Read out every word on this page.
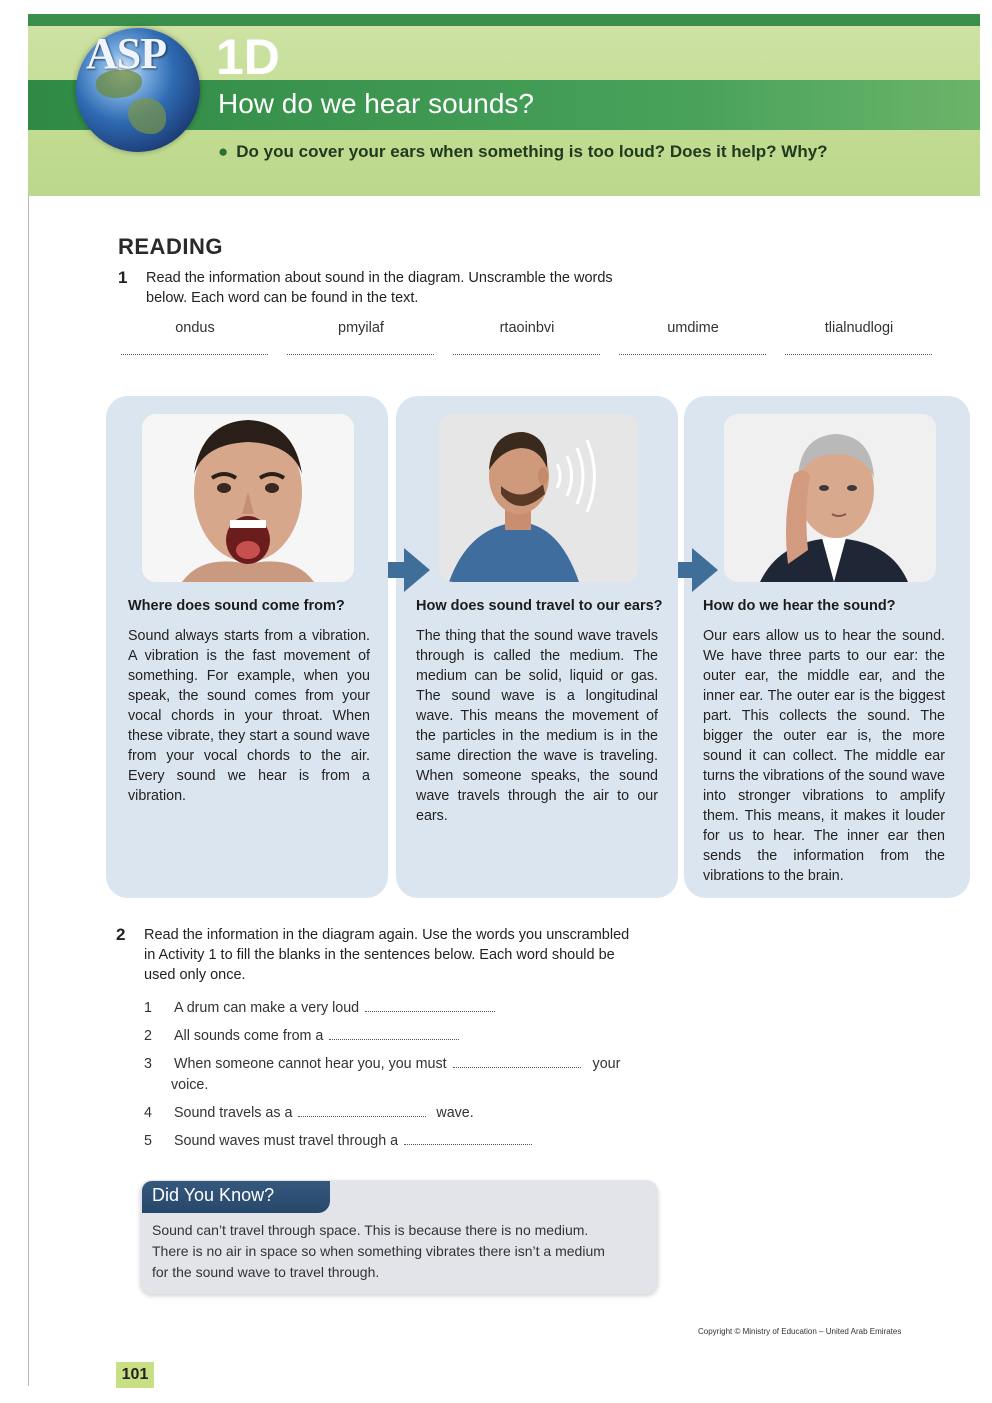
ASP 1D
How do we hear sounds?
● Do you cover your ears when something is too loud? Does it help? Why?
READING
1 Read the information about sound in the diagram. Unscramble the words
below. Each word can be found in the text.
ondus	pmyilaf	rtaoinbvi	umdime	tlialnudlogi
Where does sound come from?
Sound always starts from a vibration. A vibration is the fast movement of something. For example, when you speak, the sound comes from your vocal chords in your throat. When these vibrate, they start a sound wave from your vocal chords to the air. Every sound we hear is from a vibration.
How does sound travel to our ears?
The thing that the sound wave travels through is called the medium. The medium can be solid, liquid or gas. The sound wave is a longitudinal wave. This means the movement of the particles in the medium is in the same direction the wave is traveling. When someone speaks, the sound wave travels through the air to our ears.
How do we hear the sound?
Our ears allow us to hear the sound. We have three parts to our ear: the outer ear, the middle ear, and the inner ear. The outer ear is the biggest part. This collects the sound. The bigger the outer ear is, the more sound it can collect. The middle ear turns the vibrations of the sound wave into stronger vibrations to amplify them. This means, it makes it louder for us to hear. The inner ear then sends the information from the vibrations to the brain.
2 Read the information in the diagram again. Use the words you unscrambled
in Activity 1 to fill the blanks in the sentences below. Each word should be
used only once.
1 A drum can make a very loud
2 All sounds come from a
3 When someone cannot hear you, you must	your
voice.
4 Sound travels as a	wave.
5 Sound waves must travel through a
Did You Know?
Sound can’t travel through space. This is because there is no medium.
There is no air in space so when something vibrates there isn’t a medium
for the sound wave to travel through.
Copyright © Ministry of Education – United Arab Emirates
101
